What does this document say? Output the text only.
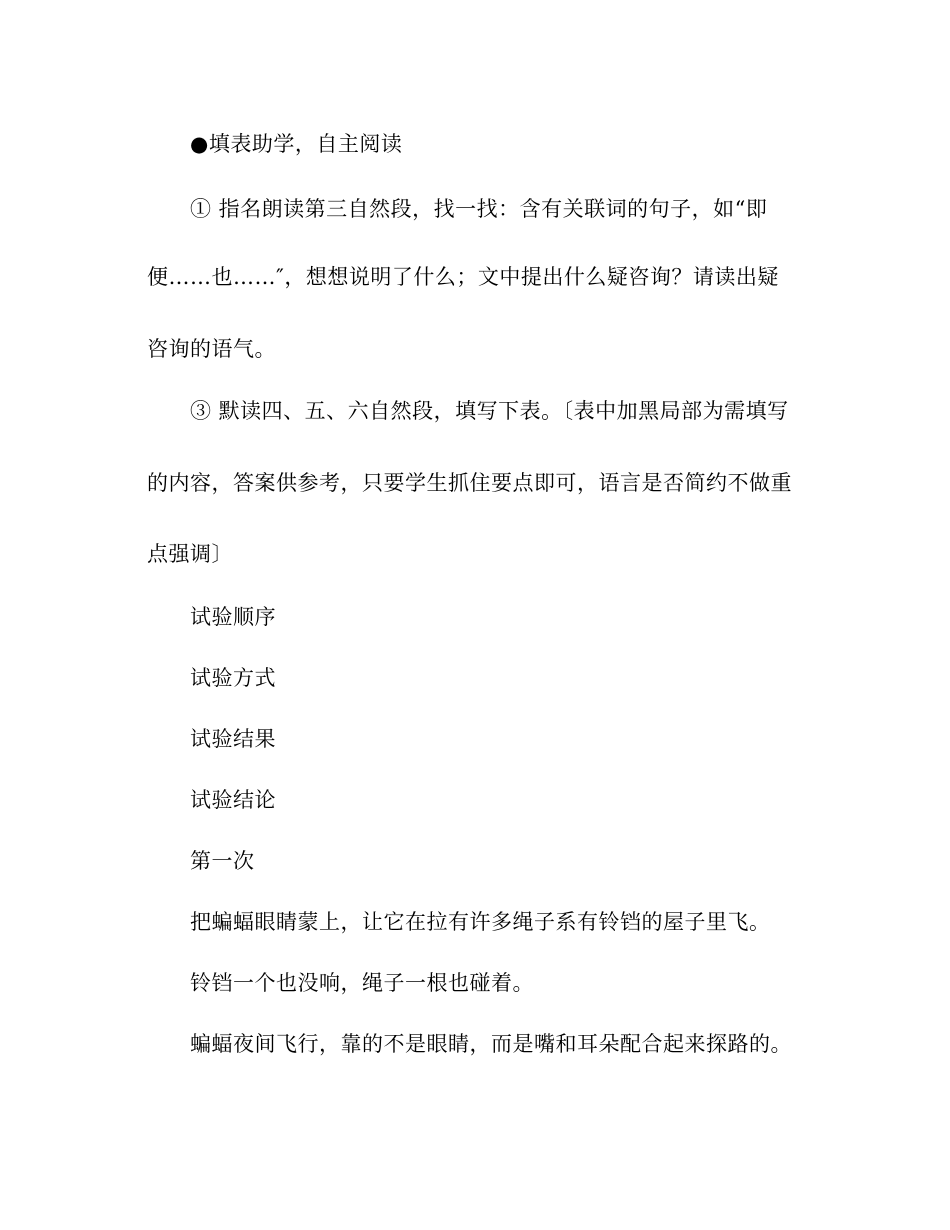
●填表助学，自主阅读
① 指名朗读第三自然段，找一找：含有关联词的句子，如“即
便……也……″，想想说明了什么；文中提出什么疑咨询？请读出疑
咨询的语气。
③ 默读四、五、六自然段，填写下表。〔表中加黑局部为需填写
的内容，答案供参考，只要学生抓住要点即可，语言是否简约不做重
点强调〕
试验顺序
试验方式
试验结果
试验结论
第一次
把蝙蝠眼睛蒙上，让它在拉有许多绳子系有铃铛的屋子里飞。
铃铛一个也没响，绳子一根也碰着。
蝙蝠夜间飞行，靠的不是眼睛，而是嘴和耳朵配合起来探路的。
